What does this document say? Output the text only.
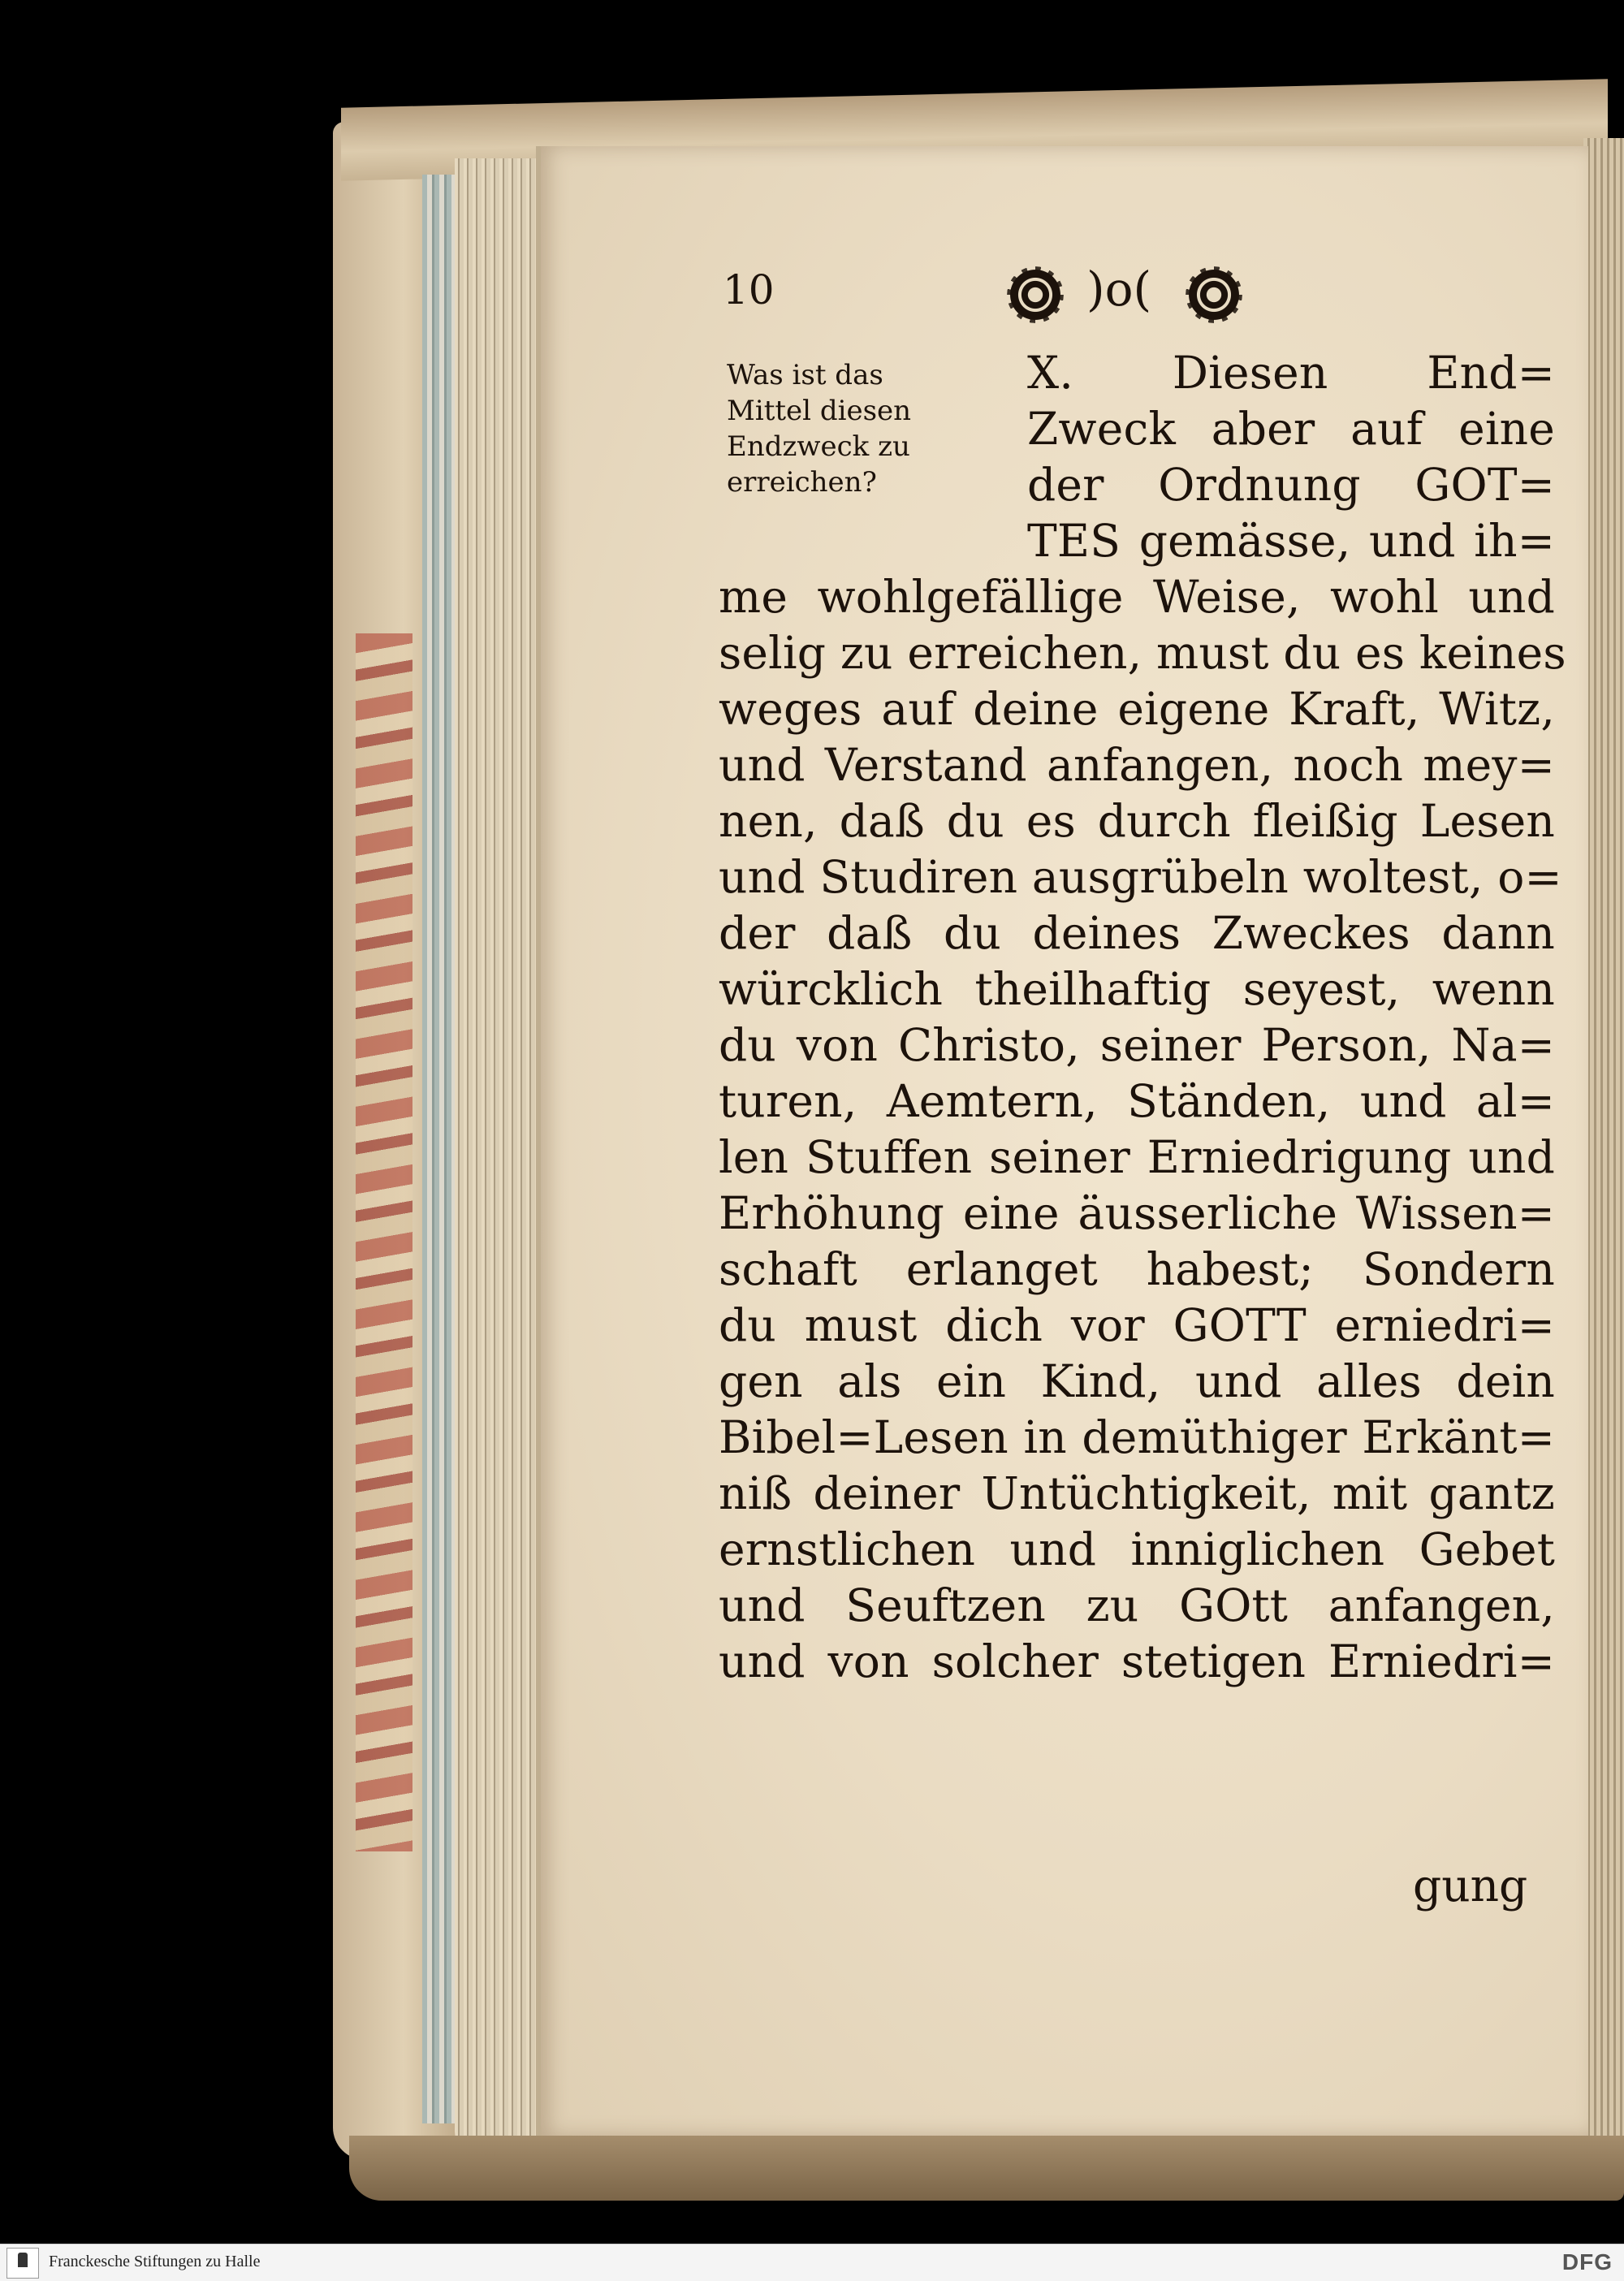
10	)o(
Was ist das
Mittel diesen
Endzweck zu
erreichen?
X. Diesen End=
Zweck aber auf eine
der Ordnung GOT=
TES gemässe, und ih=
me wohlgefällige Weise, wohl und
selig zu erreichen, must du es keines
weges auf deine eigene Kraft, Witz,
und Verstand anfangen, noch mey=
nen, daß du es durch fleißig Lesen
und Studiren ausgrübeln woltest, o=
der daß du deines Zweckes dann
würcklich theilhaftig seyest, wenn
du von Christo, seiner Person, Na=
turen, Aemtern, Ständen, und al=
len Stuffen seiner Erniedrigung und
Erhöhung eine äusserliche Wissen=
schaft erlanget habest; Sondern
du must dich vor GOTT erniedri=
gen als ein Kind, und alles dein
Bibel=Lesen in demüthiger Erkänt=
niß deiner Untüchtigkeit, mit gantz
ernstlichen und inniglichen Gebet
und Seuftzen zu GOtt anfangen,
und von solcher stetigen Erniedri=
gung
Franckesche Stiftungen zu Halle	DFG
